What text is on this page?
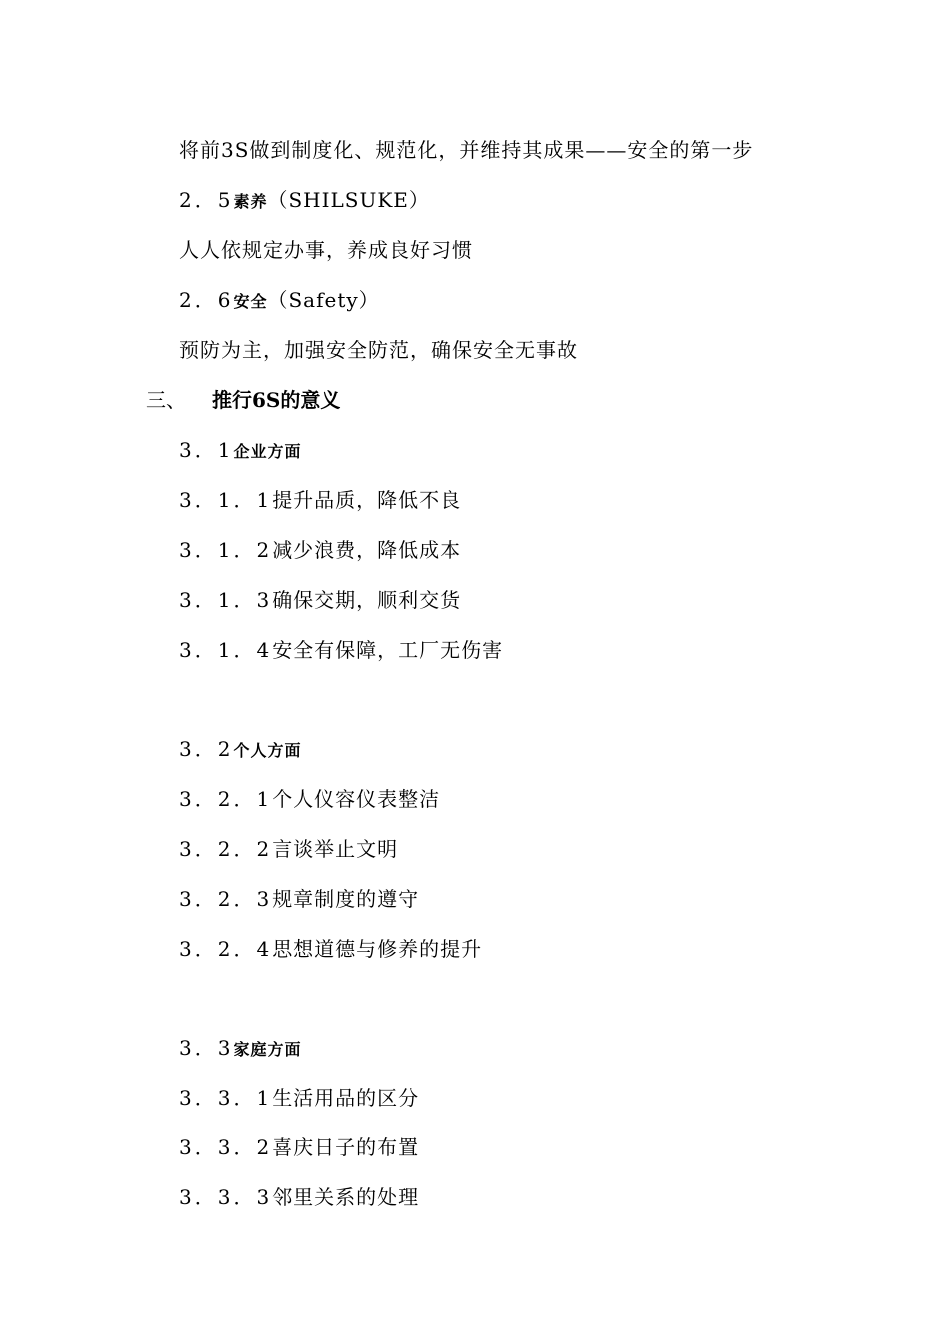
将前3S做到制度化、规范化，并维持其成果——安全的第一步
2．5素养（SHILSUKE）
人人依规定办事，养成良好习惯
2．6安全（Safety）
预防为主，加强安全防范，确保安全无事故
三、 推行6S的意义
3．1企业方面
3．1．1提升品质，降低不良
3．1．2减少浪费，降低成本
3．1．3确保交期，顺利交货
3．1．4安全有保障，工厂无伤害
3．2个人方面
3．2．1个人仪容仪表整洁
3．2．2言谈举止文明
3．2．3规章制度的遵守
3．2．4思想道德与修养的提升
3．3家庭方面
3．3．1生活用品的区分
3．3．2喜庆日子的布置
3．3．3邻里关系的处理
